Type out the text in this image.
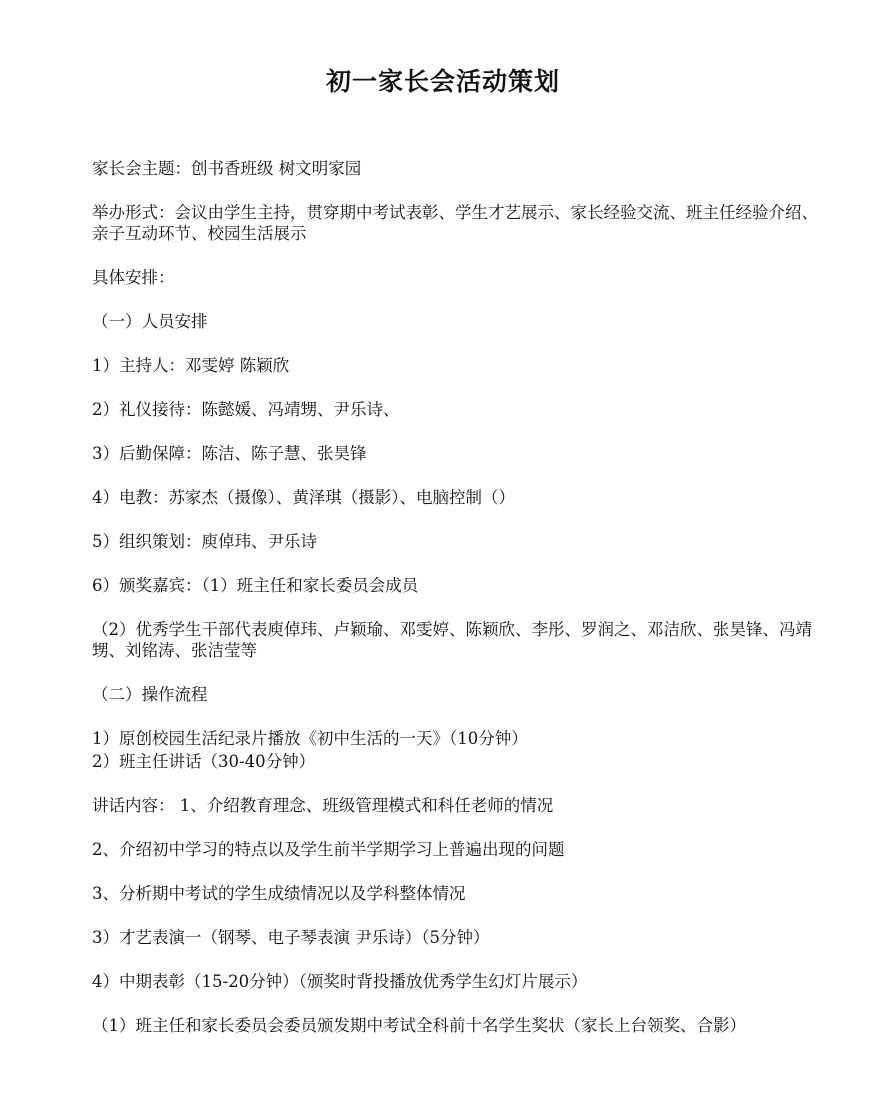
初一家长会活动策划

家长会主题：创书香班级 树文明家园

举办形式：会议由学生主持，贯穿期中考试表彰、学生才艺展示、家长经验交流、班主任经验介绍、亲子互动环节、校园生活展示

具体安排：

（一）人员安排

1）主持人：邓雯婷 陈颖欣

2）礼仪接待：陈懿媛、冯靖甥、尹乐诗、

3）后勤保障：陈洁、陈子慧、张昊锋

4）电教：苏家杰（摄像）、黄泽琪（摄影）、电脑控制（）

5）组织策划：庾倬玮、尹乐诗

6）颁奖嘉宾：（1）班主任和家长委员会成员

（2）优秀学生干部代表庾倬玮、卢颖瑜、邓雯婷、陈颖欣、李彤、罗润之、邓洁欣、张昊锋、冯靖甥、刘铭涛、张洁莹等

（二）操作流程

1）原创校园生活纪录片播放《初中生活的一天》（10分钟）

2）班主任讲话（30-40分钟）

讲话内容： 1、介绍教育理念、班级管理模式和科任老师的情况

2、介绍初中学习的特点以及学生前半学期学习上普遍出现的问题

3、分析期中考试的学生成绩情况以及学科整体情况

3）才艺表演一（钢琴、电子琴表演 尹乐诗）（5分钟）

4）中期表彰（15-20分钟）（颁奖时背投播放优秀学生幻灯片展示）

（1）班主任和家长委员会委员颁发期中考试全科前十名学生奖状（家长上台领奖、合影）
